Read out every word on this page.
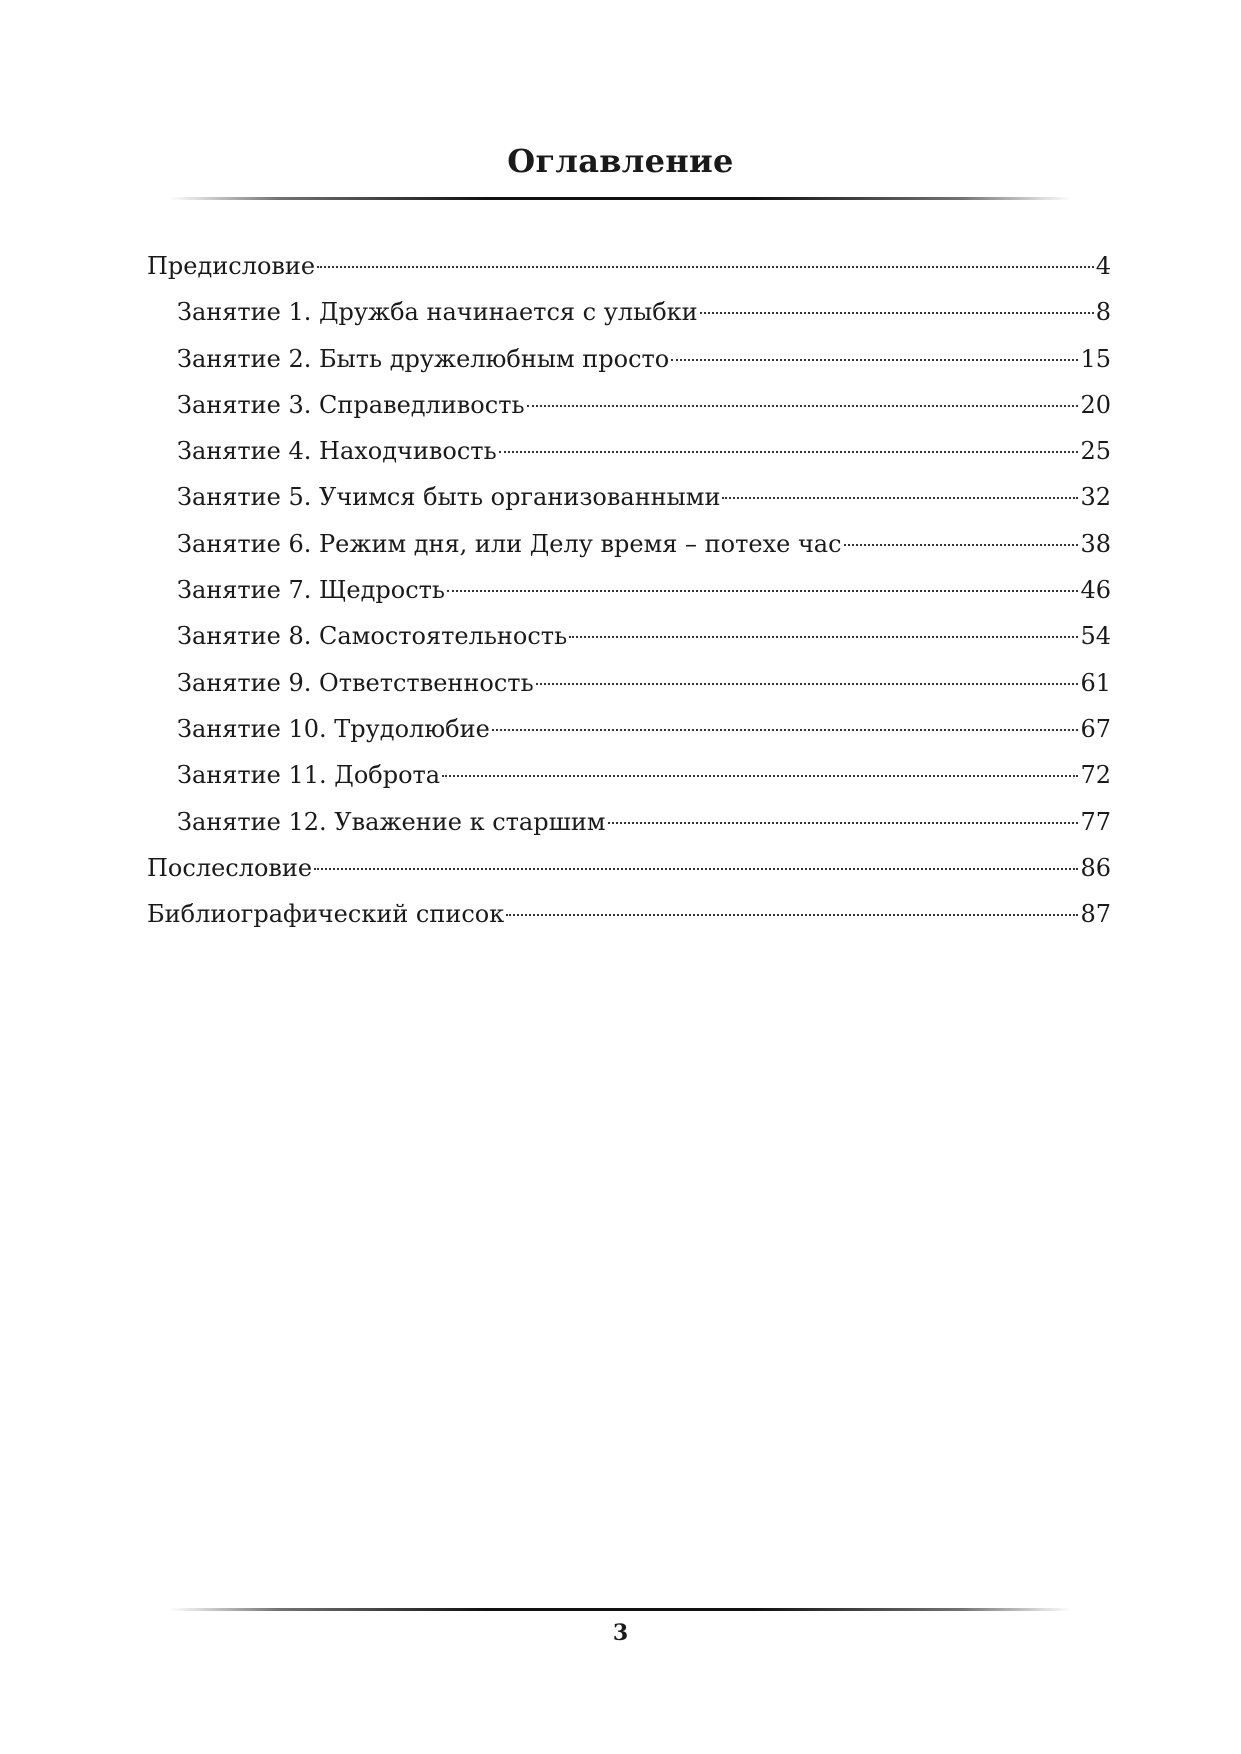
Оглавление
Предисловие	4
Занятие 1. Дружба начинается с улыбки	8
Занятие 2. Быть дружелюбным просто	15
Занятие 3. Справедливость	20
Занятие 4. Находчивость	25
Занятие 5. Учимся быть организованными	32
Занятие 6. Режим дня, или Делу время – потехе час	38
Занятие 7. Щедрость	46
Занятие 8. Самостоятельность	54
Занятие 9. Ответственность	61
Занятие 10. Трудолюбие	67
Занятие 11. Доброта	72
Занятие 12. Уважение к старшим	77
Послесловие	86
Библиографический список	87
3
